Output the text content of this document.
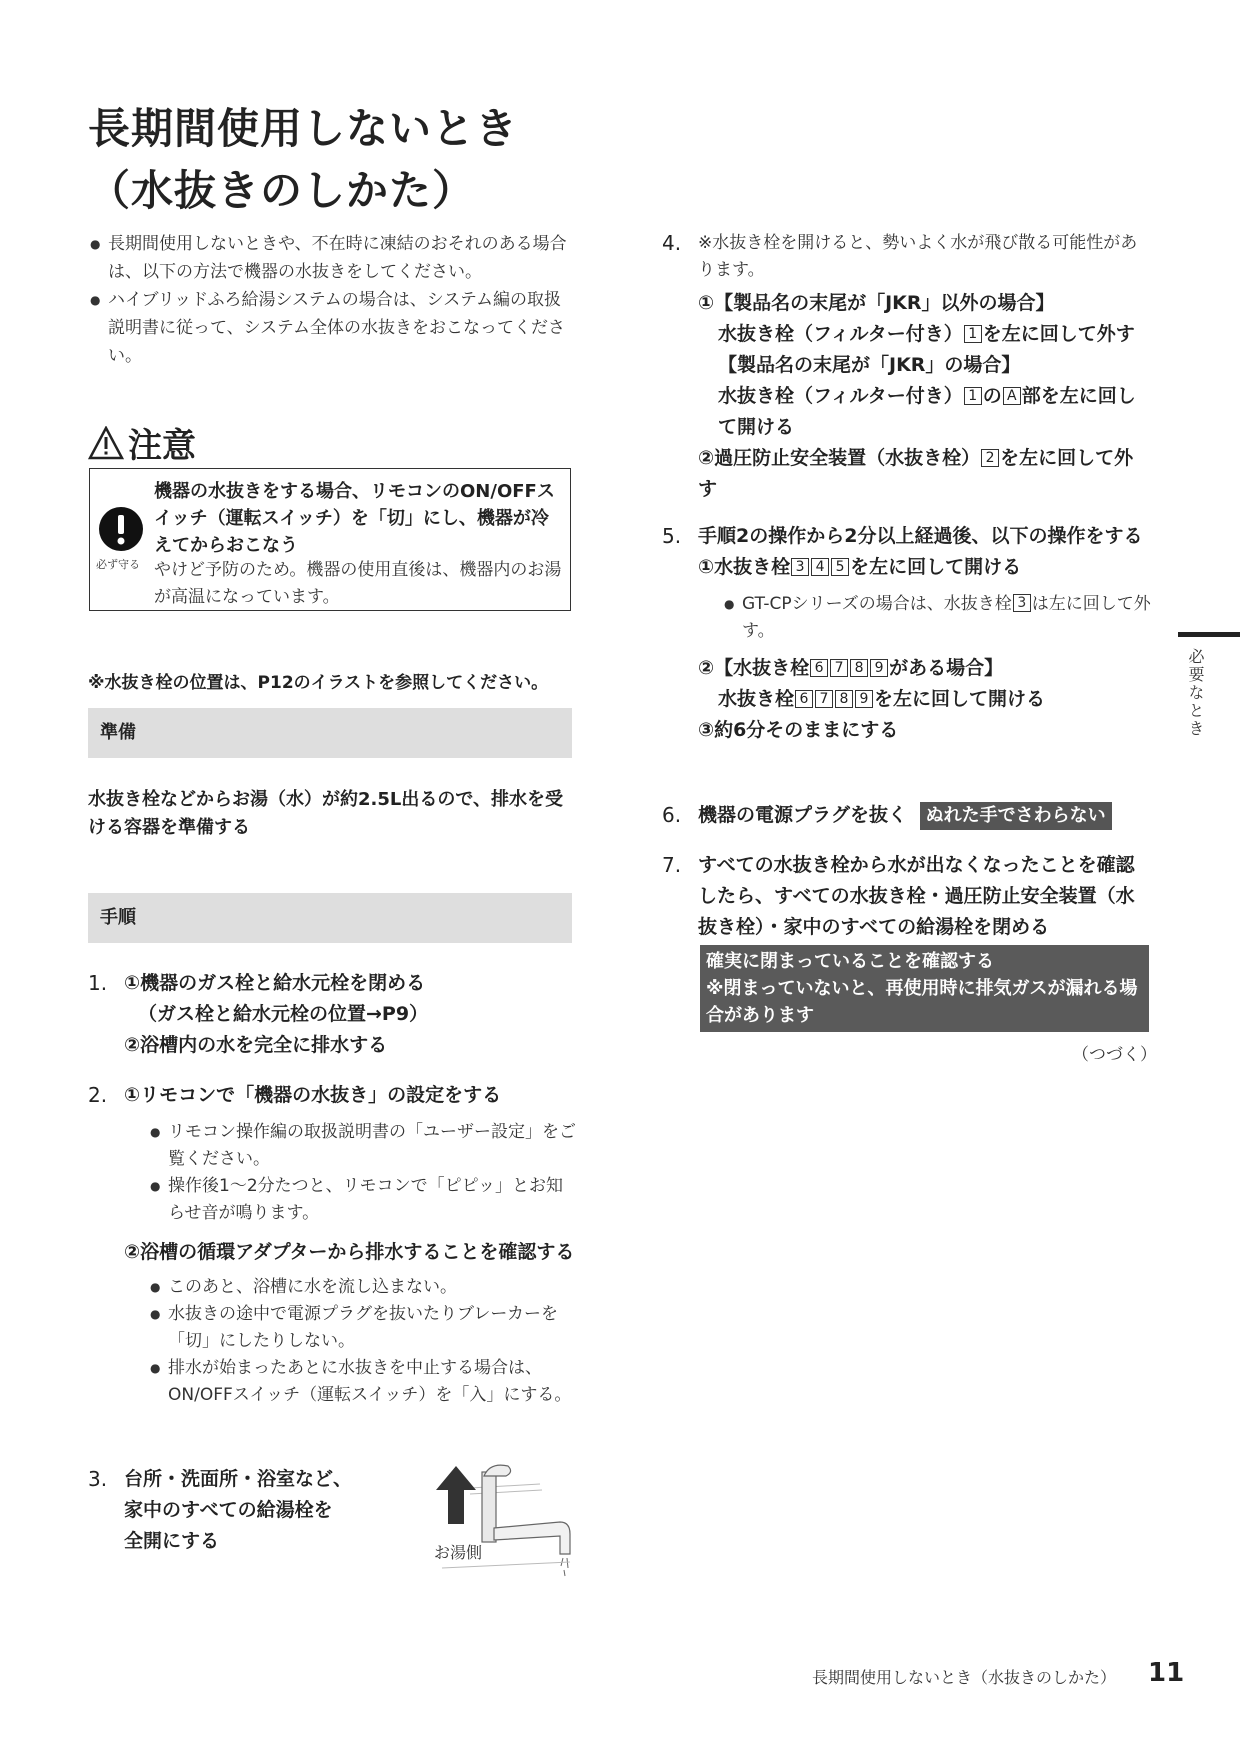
長期間使用しないとき（水抜きのしかた）
● 長期間使用しないときや、不在時に凍結のおそれのある場合は、以下の方法で機器の水抜きをしてください。
● ハイブリッドふろ給湯システムの場合は、システム編の取扱説明書に従って、システム全体の水抜きをおこなってください。
注意
必ず守る
機器の水抜きをする場合、リモコンのON/OFFスイッチ（運転スイッチ）を「切」にし、機器が冷えてからおこなう
やけど予防のため。機器の使用直後は、機器内のお湯が高温になっています。
※水抜き栓の位置は、P12のイラストを参照してください。
準備
水抜き栓などからお湯（水）が約2.5L出るので、排水を受ける容器を準備する
手順
1. ①機器のガス栓と給水元栓を閉める
（ガス栓と給水元栓の位置→P9）
②浴槽内の水を完全に排水する
2. ①リモコンで「機器の水抜き」の設定をする
● リモコン操作編の取扱説明書の「ユーザー設定」をご覧ください。
● 操作後1～2分たつと、リモコンで「ピピッ」とお知らせ音が鳴ります。
②浴槽の循環アダプターから排水することを確認する
● このあと、浴槽に水を流し込まない。
● 水抜きの途中で電源プラグを抜いたりブレーカーを「切」にしたりしない。
● 排水が始まったあとに水抜きを中止する場合は、ON/OFFスイッチ（運転スイッチ）を「入」にする。
3. 台所・洗面所・浴室など、
家中のすべての給湯栓を
全開にする
お湯側
4. ※水抜き栓を開けると、勢いよく水が飛び散る可能性があります。
①【製品名の末尾が「JKR」以外の場合】
水抜き栓（フィルター付き） 1 を左に回して外す
【製品名の末尾が「JKR」の場合】
水抜き栓（フィルター付き） 1 の A 部を左に回して開ける
②過圧防止安全装置（水抜き栓） 2 を左に回して外す
5. 手順2の操作から2分以上経過後、以下の操作をする
①水抜き栓 3 4 5 を左に回して開ける
● GT-CPシリーズの場合は、水抜き栓 3 は左に回して外す。
②【水抜き栓 6 7 8 9 がある場合】
水抜き栓 6 7 8 9 を左に回して開ける
③約6分そのままにする
6. 機器の電源プラグを抜く ぬれた手でさわらない
7. すべての水抜き栓から水が出なくなったことを確認したら、すべての水抜き栓・過圧防止安全装置（水抜き栓）・家中のすべての給湯栓を閉める
確実に閉まっていることを確認する
※閉まっていないと、再使用時に排気ガスが漏れる場合があります
（つづく）
必要なとき
長期間使用しないとき（水抜きのしかた） 11
